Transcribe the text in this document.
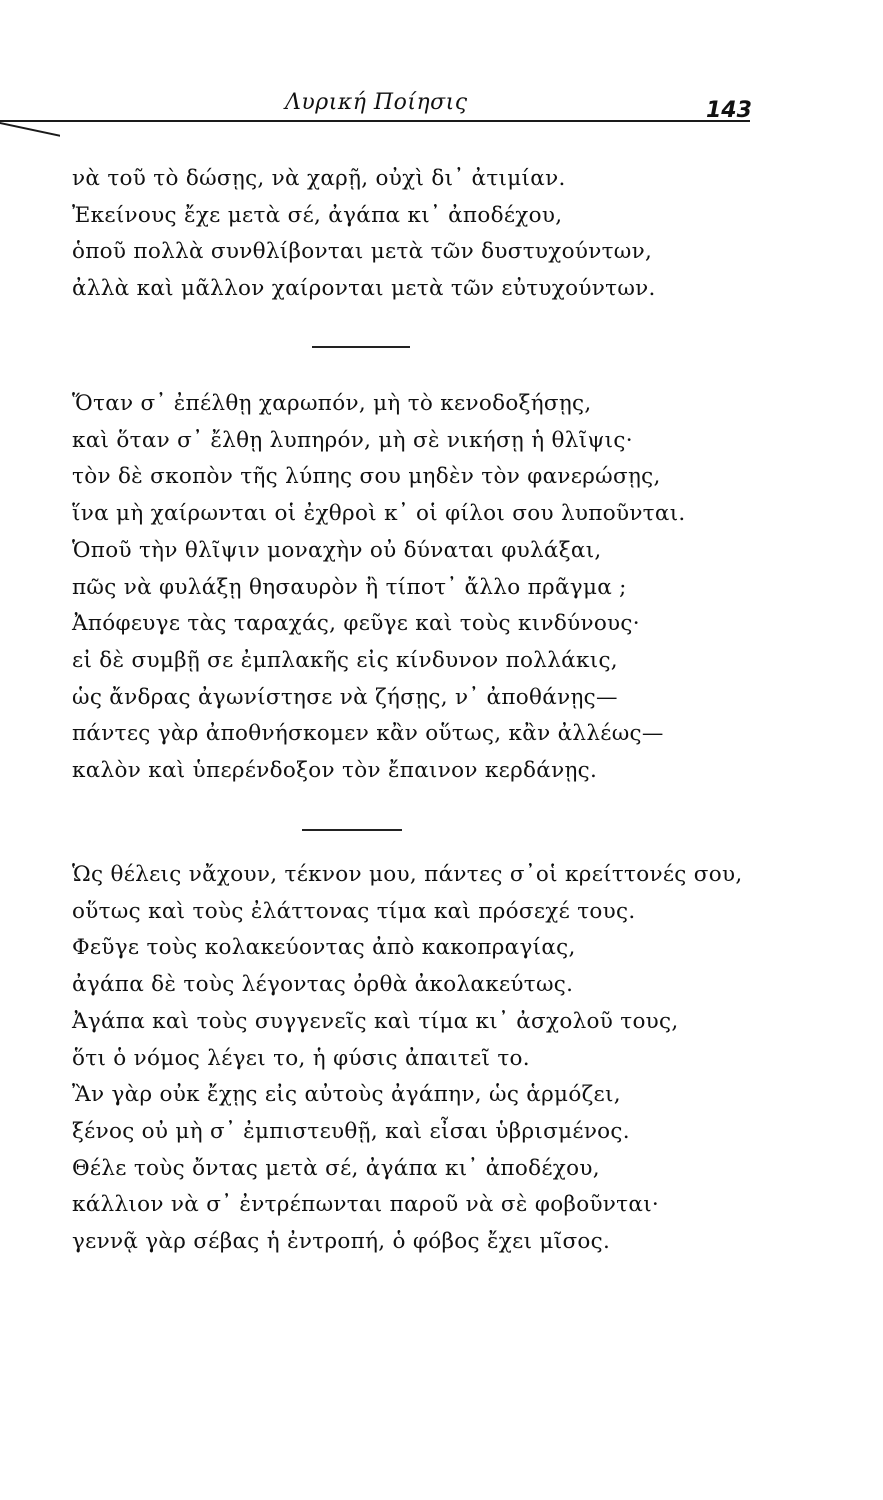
Λυρική Ποίησις	143
νὰ τοῦ τὸ δώσῃς, νὰ χαρῇ, οὐχὶ δι᾿ ἀτιμίαν.
Ἐκείνους ἔχε μετὰ σέ, ἀγάπα κι᾿ ἀποδέχου,
ὁποῦ πολλὰ συνθλίβονται μετὰ τῶν δυστυχούντων,
ἀλλὰ καὶ μᾶλλον χαίρονται μετὰ τῶν εὐτυχούντων.
Ὅταν σ᾿ ἐπέλθῃ χαρωπόν, μὴ τὸ κενοδοξήσῃς,
καὶ ὅταν σ᾿ ἔλθῃ λυπηρόν, μὴ σὲ νικήσῃ ἡ θλῖψις·
τὸν δὲ σκοπὸν τῆς λύπης σου μηδὲν τὸν φανερώσῃς,
ἵνα μὴ χαίρωνται οἱ ἐχθροὶ κ᾿ οἱ φίλοι σου λυποῦνται.
Ὁποῦ τὴν θλῖψιν μοναχὴν οὐ δύναται φυλάξαι,
πῶς νὰ φυλάξῃ θησαυρὸν ἢ τίποτ᾿ ἄλλο πρᾶγμα ;
Ἀπόφευγε τὰς ταραχάς, φεῦγε καὶ τοὺς κινδύνους·
εἰ δὲ συμβῇ σε ἐμπλακῆς εἰς κίνδυνον πολλάκις,
ὡς ἄνδρας ἀγωνίστησε νὰ ζήσῃς, ν᾿ ἀποθάνῃς—
πάντες γὰρ ἀποθνήσκομεν κἂν οὕτως, κἂν ἀλλέως—
καλὸν καὶ ὑπερένδοξον τὸν ἔπαινον κερδάνῃς.
Ὡς θέλεις νἄχουν, τέκνον μου, πάντες σ᾿οἱ κρείττονές σου,
οὕτως καὶ τοὺς ἐλάττονας τίμα καὶ πρόσεχέ τους.
Φεῦγε τοὺς κολακεύοντας ἀπὸ κακοπραγίας,
ἀγάπα δὲ τοὺς λέγοντας ὀρθὰ ἀκολακεύτως.
Ἀγάπα καὶ τοὺς συγγενεῖς καὶ τίμα κι᾿ ἀσχολοῦ τους,
ὅτι ὁ νόμος λέγει το, ἡ φύσις ἀπαιτεῖ το.
Ἂν γὰρ οὐκ ἔχῃς εἰς αὐτοὺς ἀγάπην, ὡς ἁρμόζει,
ξένος οὐ μὴ σ᾿ ἐμπιστευθῇ, καὶ εἶσαι ὑβρισμένος.
Θέλε τοὺς ὄντας μετὰ σέ, ἀγάπα κι᾿ ἀποδέχου,
κάλλιον νὰ σ᾿ ἐντρέπωνται παροῦ νὰ σὲ φοβοῦνται·
γεννᾷ γὰρ σέβας ἡ ἐντροπή, ὁ φόβος ἔχει μῖσος.
